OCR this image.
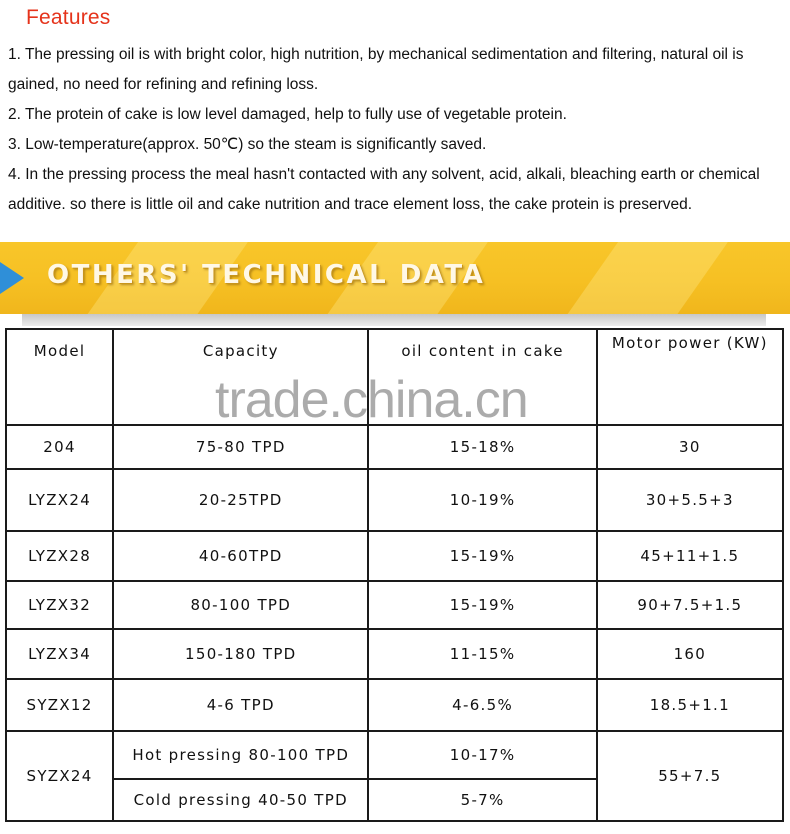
Features
1. The pressing oil is with bright color, high nutrition, by mechanical sedimentation and filtering, natural oil is gained, no need for refining and refining loss.
2. The protein of cake is low level damaged, help to fully use of vegetable protein.
3. Low-temperature(approx. 50℃) so the steam is significantly saved.
4. In the pressing process the meal hasn't contacted with any solvent, acid, alkali, bleaching earth or chemical additive. so there is little oil and cake nutrition and trace element loss, the cake protein is preserved.
OTHERS' TECHNICAL DATA
Model	Capacity	oil content in cake	Motor power (KW)
204	75-80 TPD	15-18%	30
LYZX24	20-25TPD	10-19%	30+5.5+3
LYZX28	40-60TPD	15-19%	45+11+1.5
LYZX32	80-100 TPD	15-19%	90+7.5+1.5
LYZX34	150-180 TPD	11-15%	160
SYZX12	4-6 TPD	4-6.5%	18.5+1.1
SYZX24	Hot pressing 80-100 TPD	10-17%	55+7.5
	Cold pressing 40-50 TPD	5-7%	
trade.china.cn
